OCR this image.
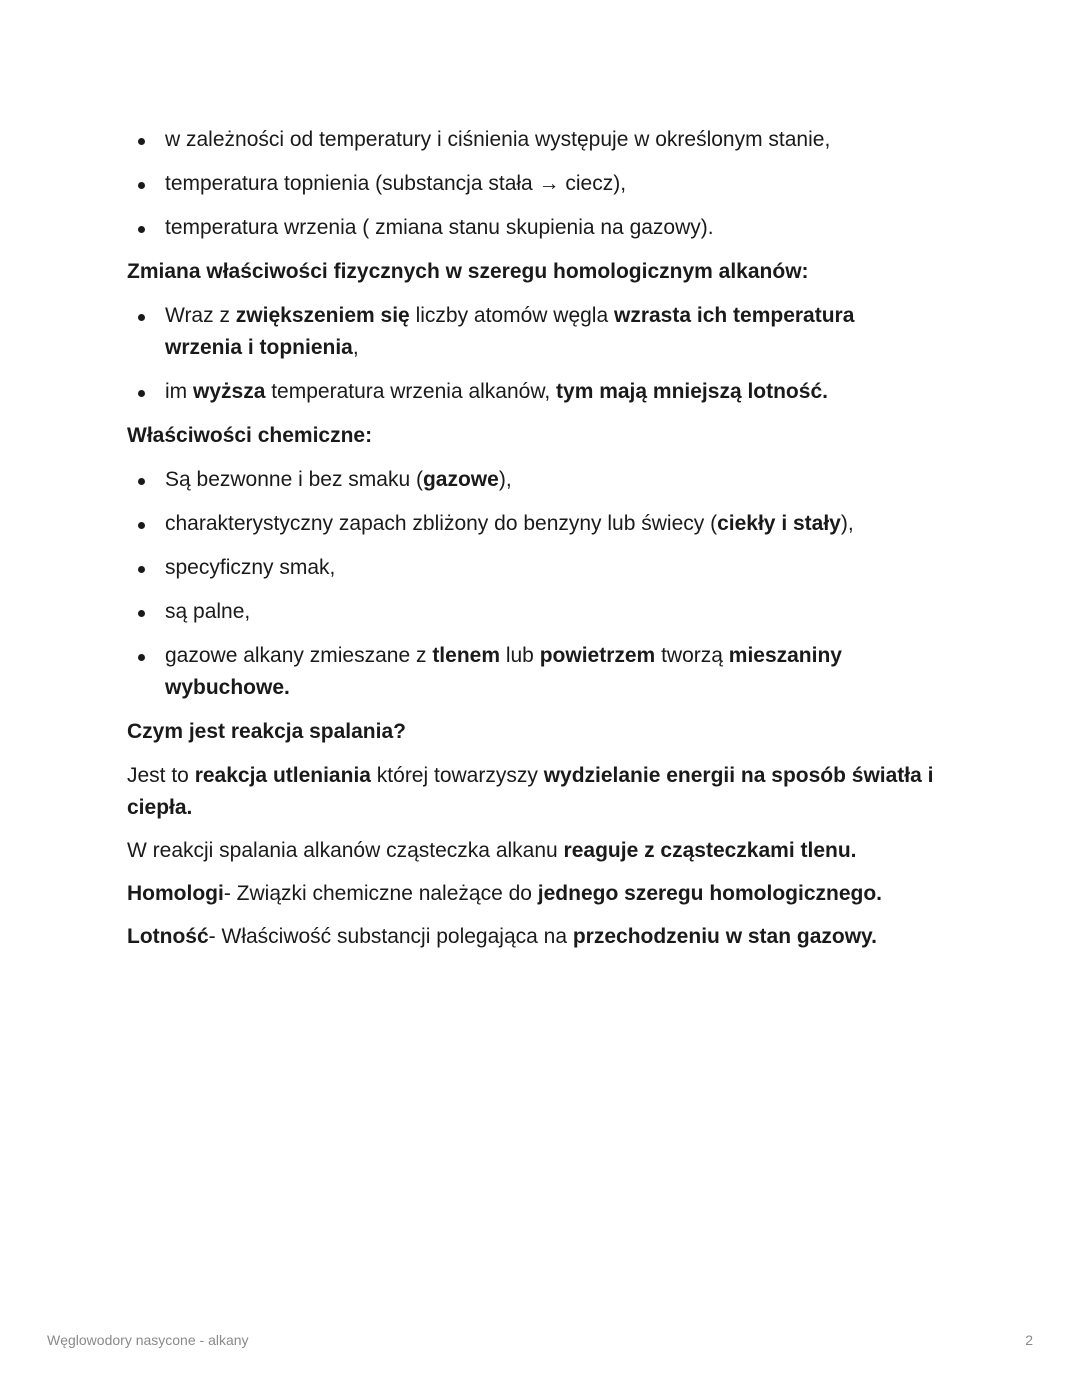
w zależności od temperatury i ciśnienia występuje w określonym stanie,
temperatura topnienia (substancja stała → ciecz),
temperatura wrzenia ( zmiana stanu skupienia na gazowy).
Zmiana właściwości fizycznych w szeregu homologicznym alkanów:
Wraz z zwiększeniem się liczby atomów węgla wzrasta ich temperatura wrzenia i topnienia,
im wyższa temperatura wrzenia alkanów, tym mają mniejszą lotność.
Właściwości chemiczne:
Są bezwonne i bez smaku (gazowe),
charakterystyczny zapach zbliżony do benzyny lub świecy (ciekły i stały),
specyficzny smak,
są palne,
gazowe alkany zmieszane z tlenem lub powietrzem tworzą mieszaniny wybuchowe.
Czym jest reakcja spalania?

Jest to reakcja utleniania której towarzyszy wydzielanie energii na sposób światła i ciepła.

W reakcji spalania alkanów cząsteczka alkanu reaguje z cząsteczkami tlenu.

Homologi- Związki chemiczne należące do jednego szeregu homologicznego.

Lotność- Właściwość substancji polegająca na przechodzeniu w stan gazowy.

Węglowodory nasycone - alkany	2
